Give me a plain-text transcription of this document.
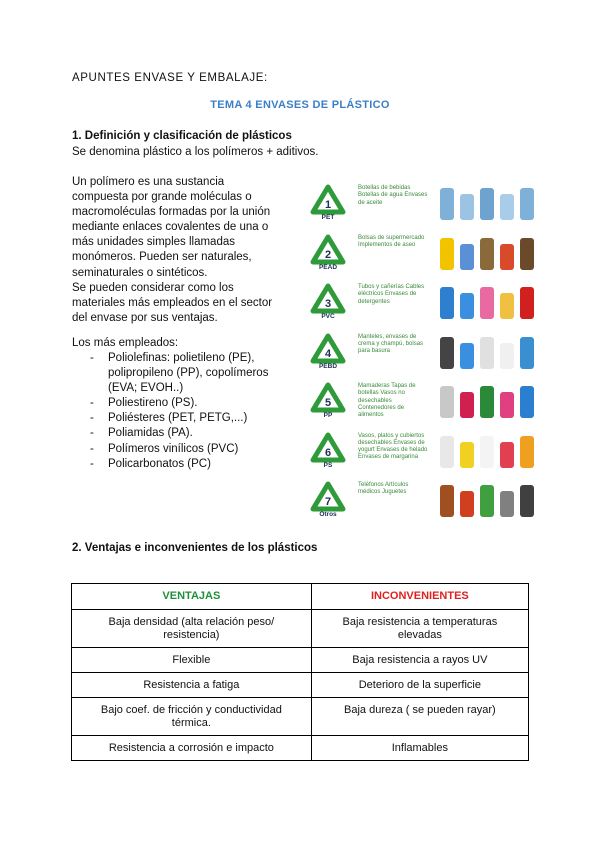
APUNTES ENVASE Y EMBALAJE:
TEMA 4 ENVASES DE PLÁSTICO
1. Definición y clasificación de plásticos
Se denomina plástico a los polímeros + aditivos.
Un polímero es una sustancia
compuesta por grande moléculas o
macromoléculas formadas por la unión
mediante enlaces covalentes de una o
más unidades simples llamadas
monómeros. Pueden ser naturales,
seminaturales o sintéticos.
Se pueden considerar como los
materiales más empleados en el sector
del envase por sus ventajas.
Los más empleados:
- Poliolefinas: polietileno (PE),
polipropileno (PP), copolímeros
(EVA; EVOH..)
- Poliestireno (PS).
- Poliésteres (PET, PETG,...)
- Poliamidas (PA).
- Polímeros vinílicos (PVC)
- Policarbonatos (PC)
1
PET
Botellas de bebidas Botellas de agua Envases de aceite
2
PEAD
Bolsas de supermercado Implementos de aseo
3
PVC
Tubos y cañerías Cables eléctricos Envases de detergentes
4
PEBD
Manteles, envases de crema y champú, bolsas para basura
5
PP
Mamaderas Tapas de botellas Vasos no desechables Contenedores de alimentos
6
PS
Vasos, platos y cubiertos desechables Envases de yogurt Envases de helado Envases de margarina
7
Otros
Teléfonos Artículos médicos Juguetes
2. Ventajas e inconvenientes de los plásticos
VENTAJAS	INCONVENIENTES
Baja densidad (alta relación peso/ resistencia)	Baja resistencia a temperaturas elevadas
Flexible	Baja resistencia a rayos UV
Resistencia a fatiga	Deterioro de la superficie
Bajo coef. de fricción y conductividad térmica.	Baja dureza ( se pueden rayar)
Resistencia a corrosión e impacto	Inflamables
